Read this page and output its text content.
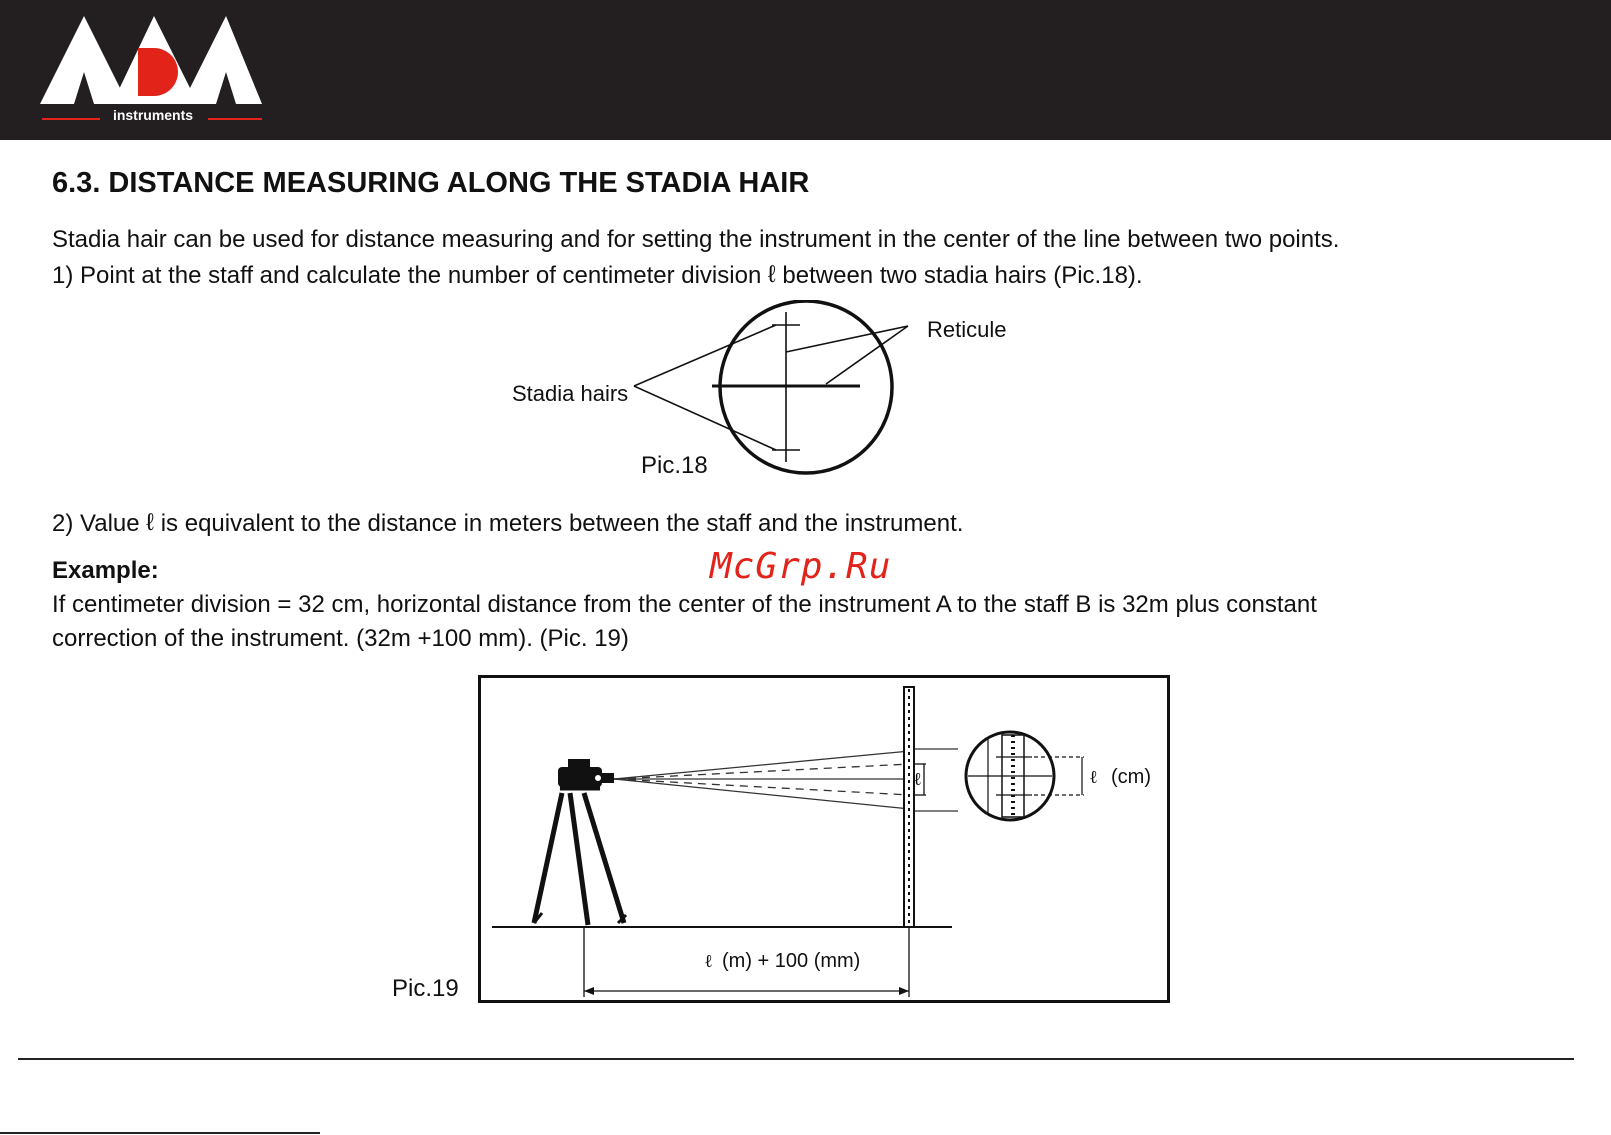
instruments
6.3. DISTANCE MEASURING ALONG THE STADIA HAIR
Stadia hair can be used for distance measuring and for setting the instrument in the center of the line between two points.
1) Point at the staff and calculate the number of centimeter division ℓ between two stadia hairs (Pic.18).
Reticule
Stadia hairs
Pic.18
2) Value ℓ is equivalent to the distance in meters between the staff and the instrument.
McGrp.Ru
Example:
If centimeter division = 32 cm, horizontal distance from the center of the instrument A to the staff B is 32m plus constant
correction of the instrument. (32m +100 mm). (Pic. 19)
ℓ	ℓ (cm)
ℓ (m) + 100 (mm)
Pic.19
